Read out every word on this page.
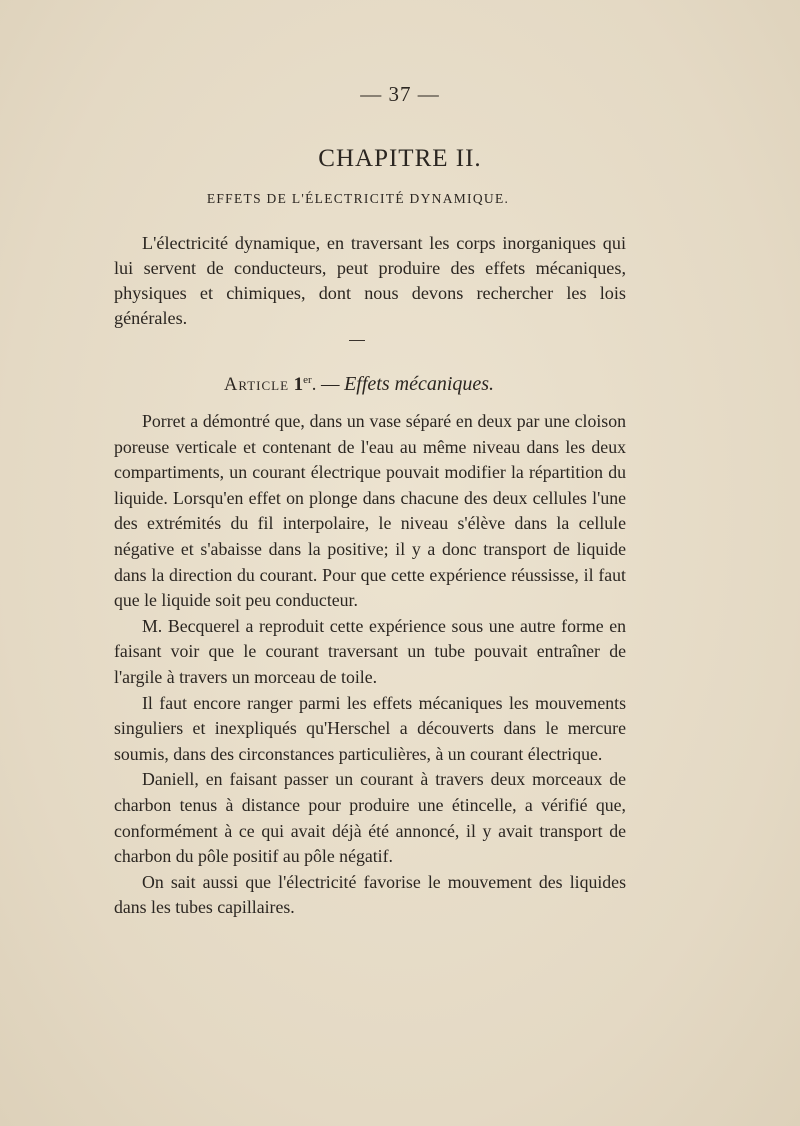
— 37 —
CHAPITRE II.
EFFETS DE L'ÉLECTRICITÉ DYNAMIQUE.

L'électricité dynamique, en traversant les corps inorganiques qui lui servent de conducteurs, peut produire des effets mécaniques, physiques et chimiques, dont nous devons rechercher les lois générales.

Article 1er. — Effets mécaniques.

Porret a démontré que, dans un vase séparé en deux par une cloison poreuse verticale et contenant de l'eau au même niveau dans les deux compartiments, un courant électrique pouvait modifier la répartition du liquide. Lorsqu'en effet on plonge dans chacune des deux cellules l'une des extrémités du fil interpolaire, le niveau s'élève dans la cellule négative et s'abaisse dans la positive; il y a donc transport de liquide dans la direction du courant. Pour que cette expérience réussisse, il faut que le liquide soit peu conducteur.

M. Becquerel a reproduit cette expérience sous une autre forme en faisant voir que le courant traversant un tube pouvait entraîner de l'argile à travers un morceau de toile.

Il faut encore ranger parmi les effets mécaniques les mouvements singuliers et inexpliqués qu'Herschel a découverts dans le mercure soumis, dans des circonstances particulières, à un courant électrique.

Daniell, en faisant passer un courant à travers deux morceaux de charbon tenus à distance pour produire une étincelle, a vérifié que, conformément à ce qui avait déjà été annoncé, il y avait transport de charbon du pôle positif au pôle négatif.

On sait aussi que l'électricité favorise le mouvement des liquides dans les tubes capillaires.
